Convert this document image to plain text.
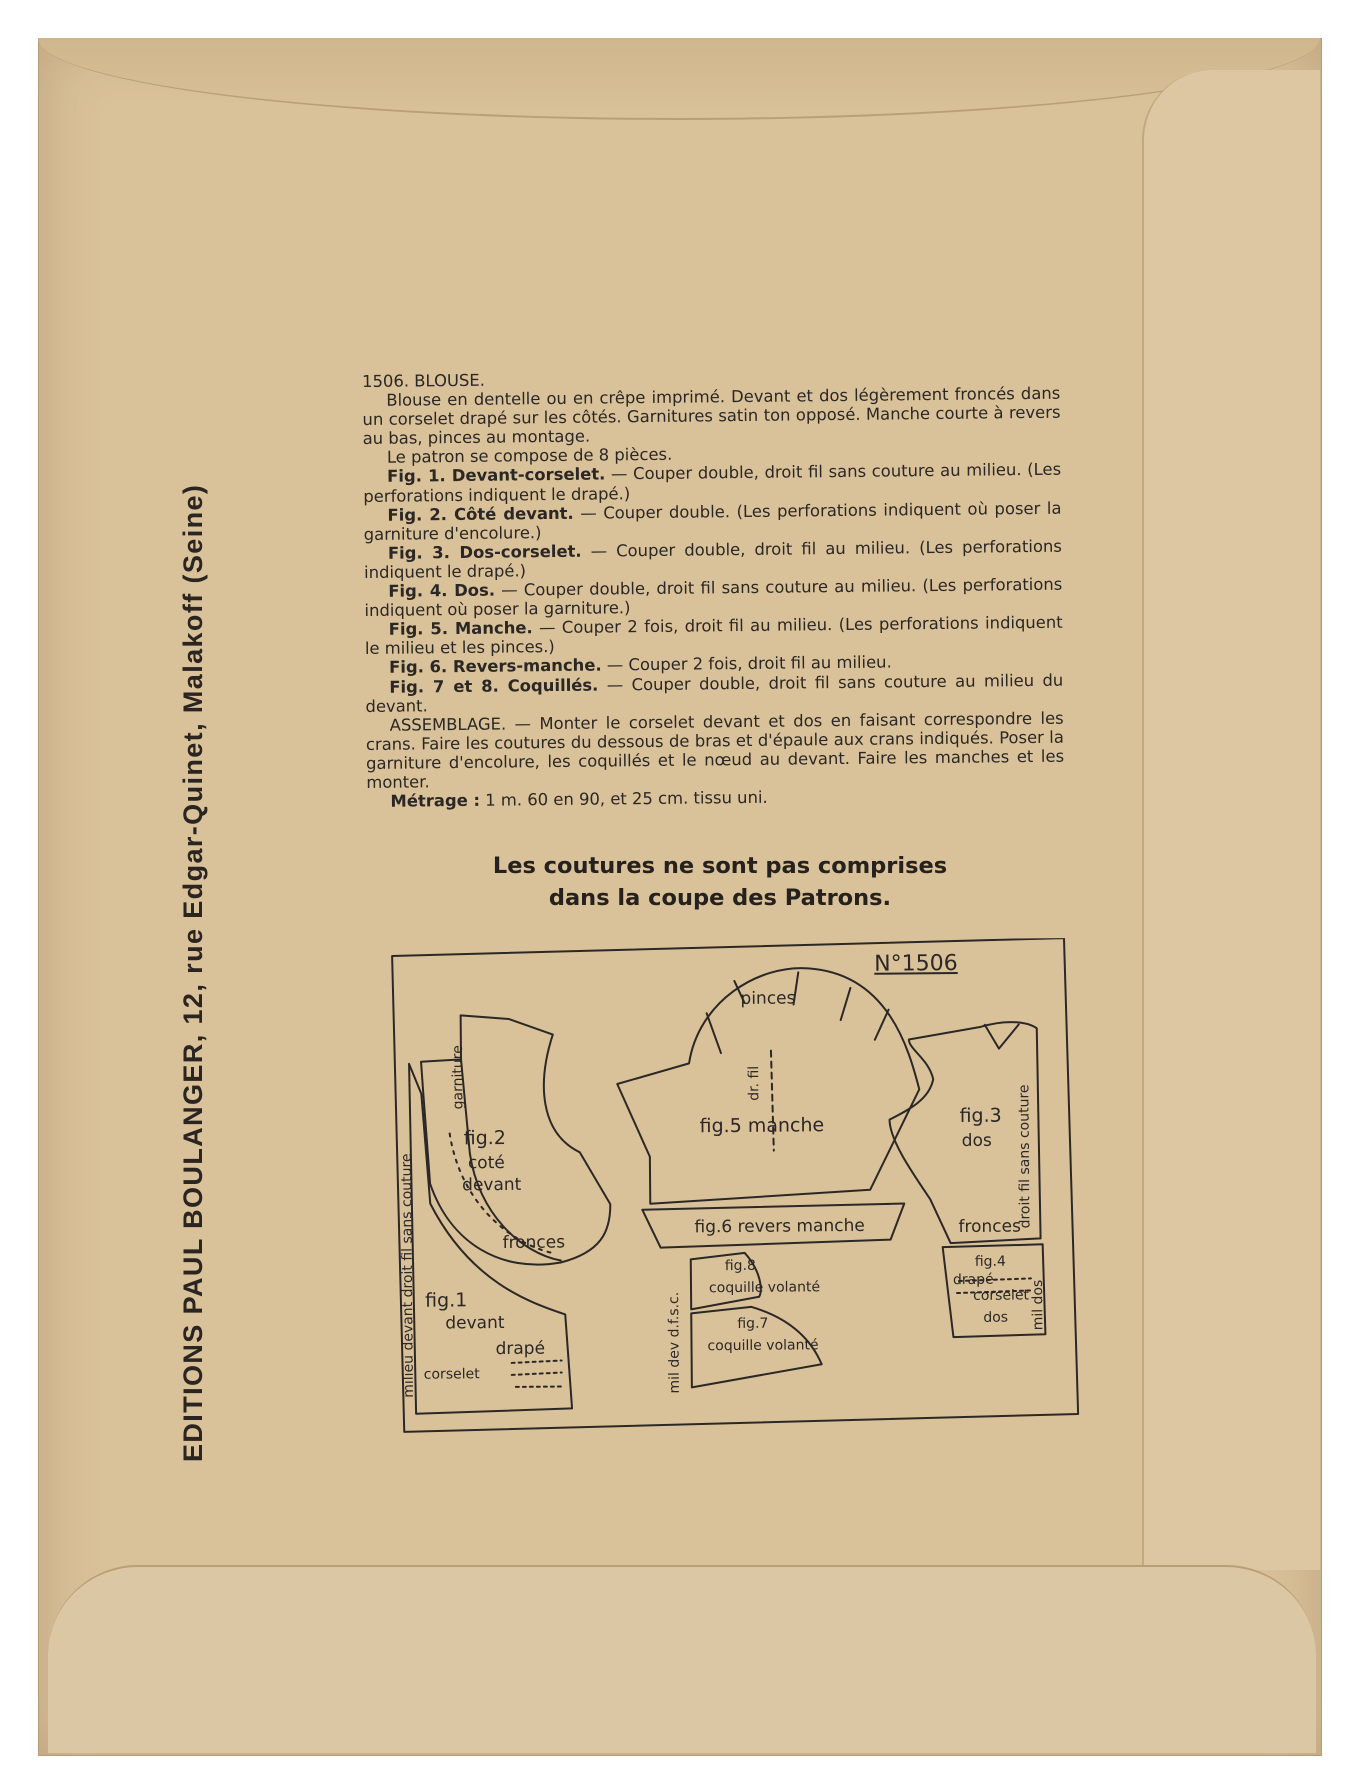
EDITIONS PAUL BOULANGER, 12, rue Edgar-Quinet, Malakoff (Seine)

1506. BLOUSE.

Blouse en dentelle ou en crêpe imprimé. Devant et dos légèrement froncés dans un corselet drapé sur les côtés. Garnitures satin ton opposé. Manche courte à revers au bas, pinces au montage.

Le patron se compose de 8 pièces.

Fig. 1. Devant-corselet. — Couper double, droit fil sans couture au milieu. (Les perforations indiquent le drapé.)

Fig. 2. Côté devant. — Couper double. (Les perforations indiquent où poser la garniture d'encolure.)

Fig. 3. Dos-corselet. — Couper double, droit fil au milieu. (Les perforations indiquent le drapé.)

Fig. 4. Dos. — Couper double, droit fil sans couture au milieu. (Les perforations indiquent où poser la garniture.)

Fig. 5. Manche. — Couper 2 fois, droit fil au milieu. (Les perforations indiquent le milieu et les pinces.)

Fig. 6. Revers-manche. — Couper 2 fois, droit fil au milieu.

Fig. 7 et 8. Coquillés. — Couper double, droit fil sans couture au milieu du devant.

ASSEMBLAGE. — Monter le corselet devant et dos en faisant correspondre les crans. Faire les coutures du dessous de bras et d'épaule aux crans indiqués. Poser la garniture d'encolure, les coquillés et le nœud au devant. Faire les manches et les monter.

Métrage : 1 m. 60 en 90, et 25 cm. tissu uni.

Les coutures ne sont pas comprises
dans la coupe des Patrons.
N°1506
pinces
dr. fil
fig.5 manche
fig.6 revers manche
fig.2
coté
devant
garniture
fronces
fig.1
devant
drapé
corselet
milieu devant droit fil sans couture	mil dev d.f.s.c.
fig.8
coquille volanté
fig.7
coquille volanté
fig.3
dos
fronces
droit fil sans couture
fig.4
drapé
corselet
dos mil dos
